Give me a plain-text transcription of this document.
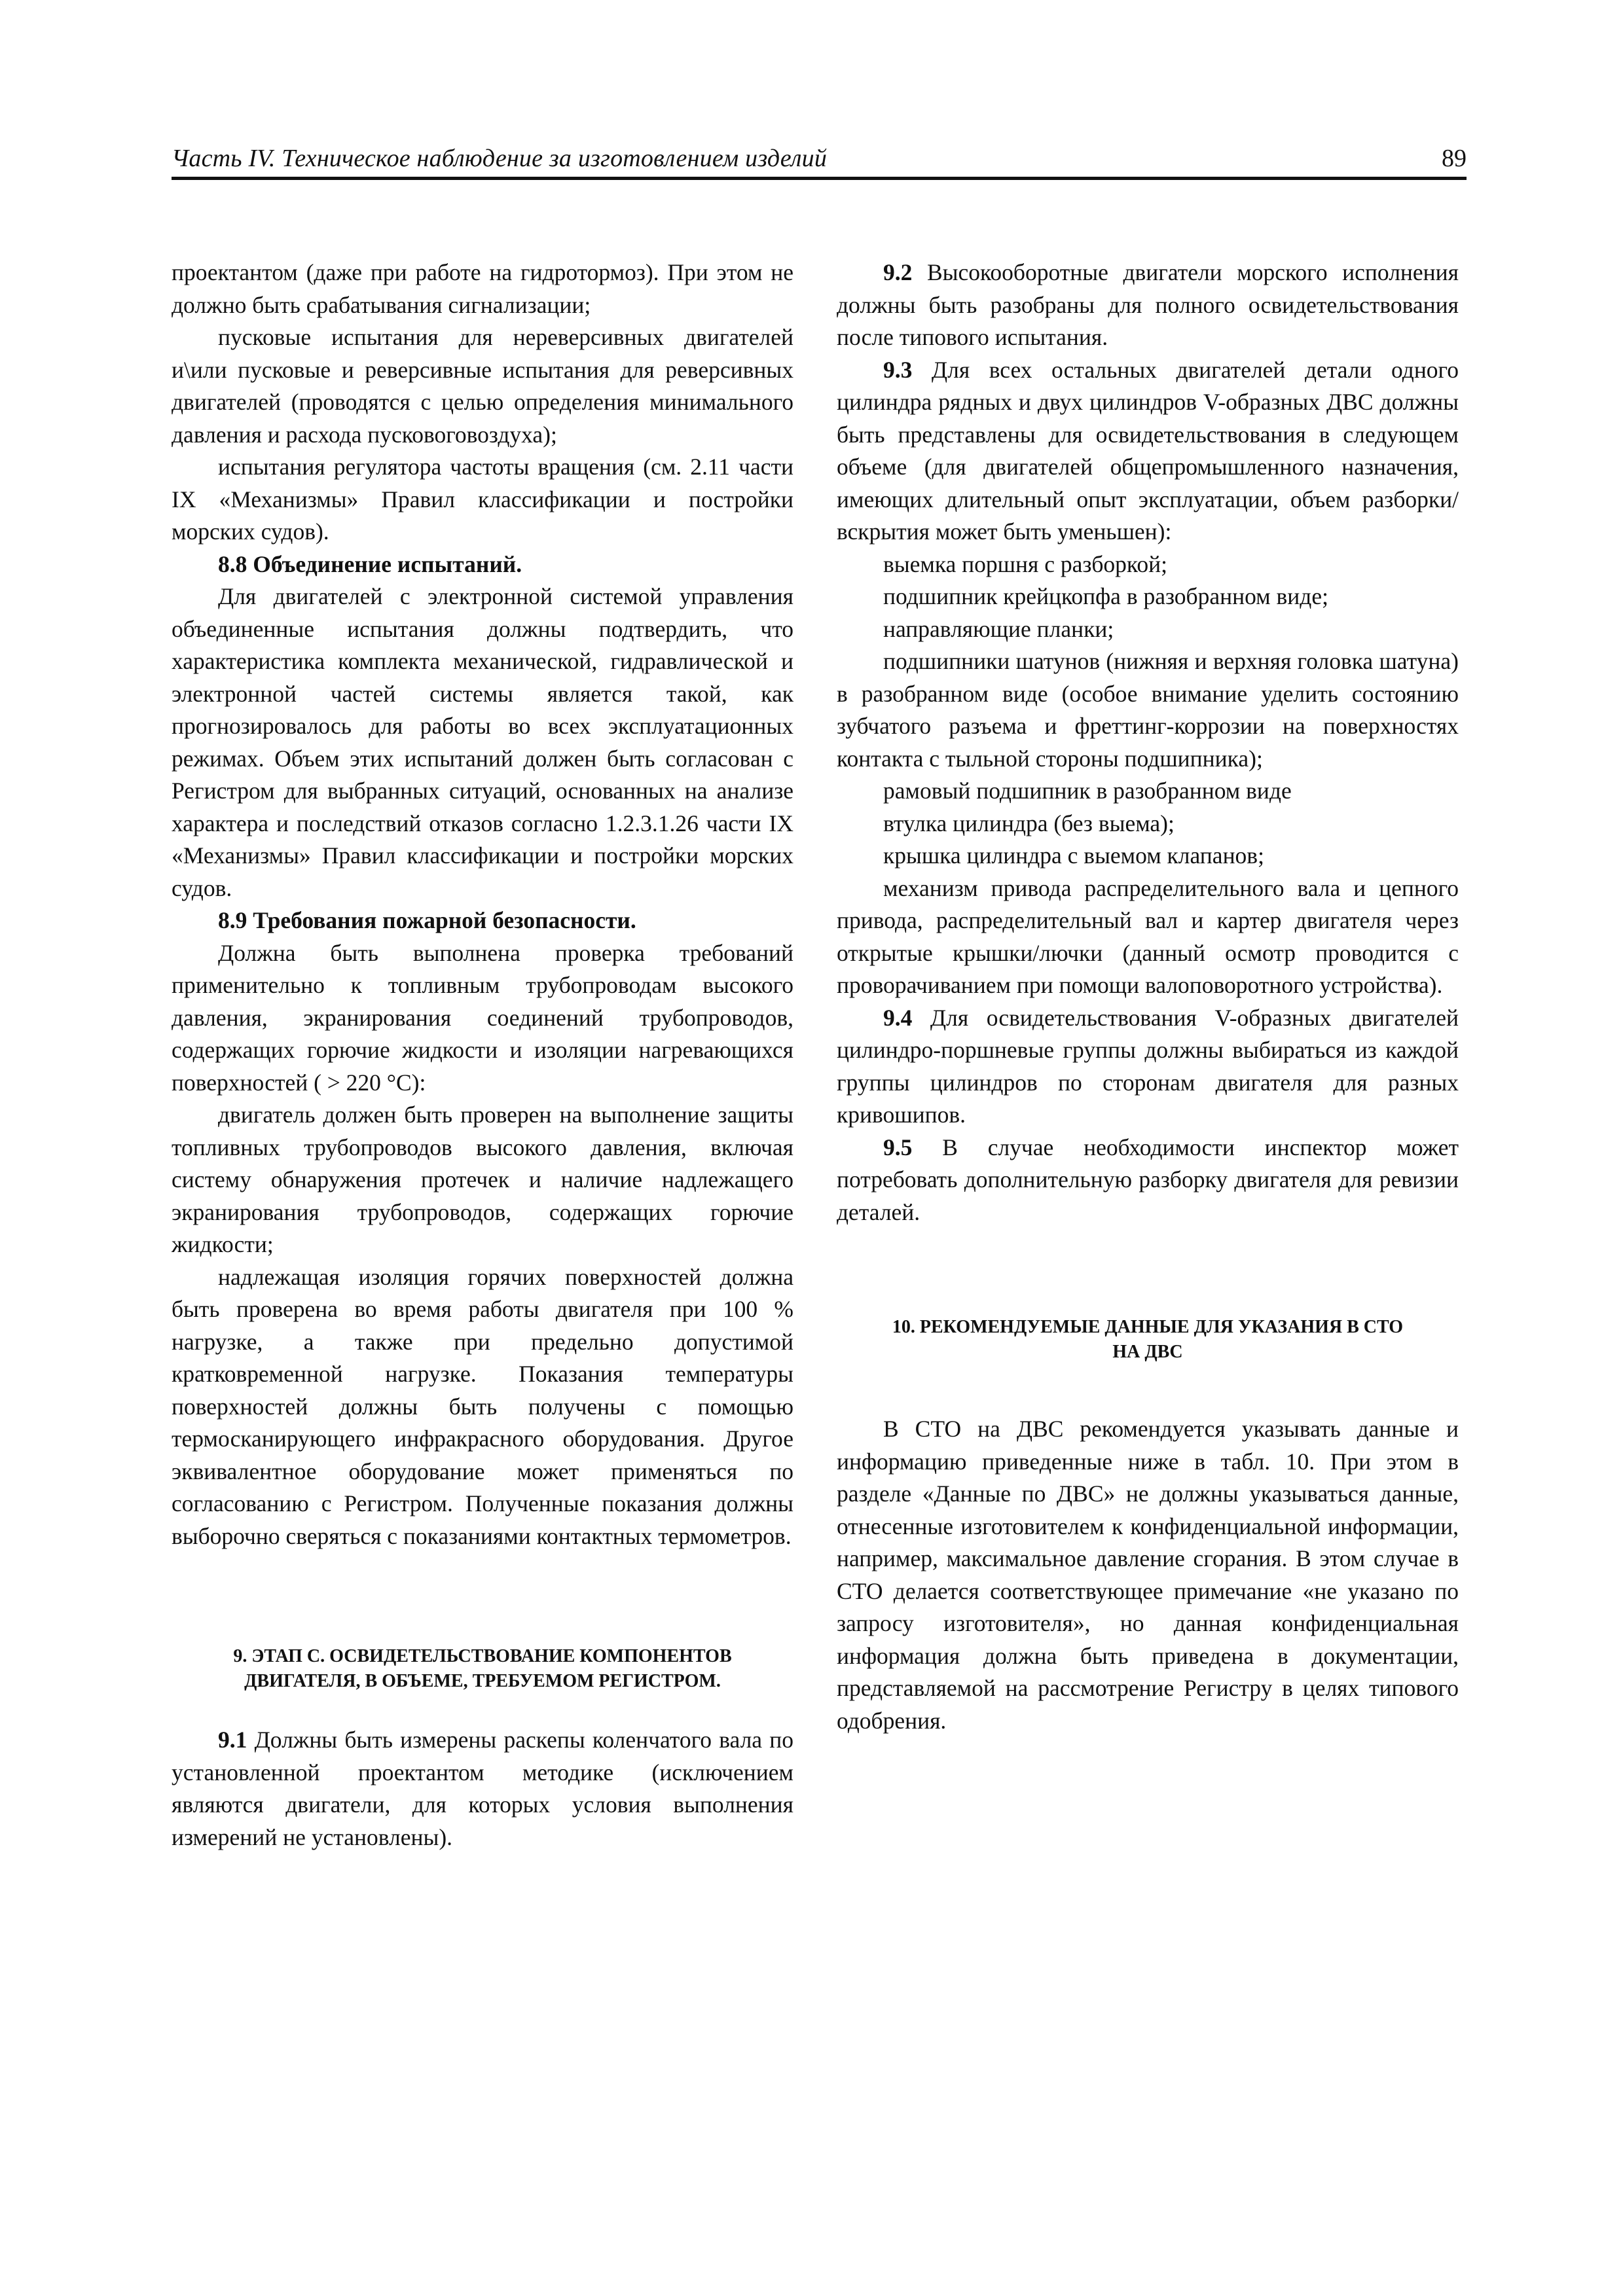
Часть IV. Техническое наблюдение за изготовлением изделий	89

проектантом (даже при работе на гидротормоз). При этом не должно быть срабатывания сигнализации;

пусковые испытания для нереверсивных двигателей и\или пусковые и реверсивные испытания для реверсивных двигателей (проводятся с целью определения минимального давления и расхода пусковоговоздуха);

испытания регулятора частоты вращения (см. 2.11 части IX «Механизмы» Правил классификации и постройки морских судов).

8.8 Объединение испытаний.

Для двигателей с электронной системой управления объединенные испытания должны подтвердить, что характеристика комплекта механической, гидравлической и электронной частей системы является такой, как прогнозировалось для работы во всех эксплуатационных режимах. Объем этих испытаний должен быть согласован с Регистром для выбранных ситуаций, основанных на анализе характера и последствий отказов согласно 1.2.3.1.26 части IX «Механизмы» Правил классификации и постройки морских судов.

8.9 Требования пожарной безопасности.

Должна быть выполнена проверка требований применительно к топливным трубопроводам высокого давления, экранирования соединений трубопроводов, содержащих горючие жидкости и изоляции нагревающихся поверхностей ( > 220 °C):

двигатель должен быть проверен на выполнение защиты топливных трубопроводов высокого давления, включая систему обнаружения протечек и наличие надлежащего экранирования трубопроводов, содержащих горючие жидкости;

надлежащая изоляция горячих поверхностей должна быть проверена во время работы двигателя при 100 % нагрузке, а также при предельно допустимой кратковременной нагрузке. Показания температуры поверхностей должны быть получены с помощью термосканирующего инфракрасного оборудования. Другое эквивалентное оборудование может применяться по согласованию с Регистром. Полученные показания должны выборочно сверяться с показаниями контактных термометров.

9. ЭТАП С. ОСВИДЕТЕЛЬСТВОВАНИЕ КОМПОНЕНТОВ

ДВИГАТЕЛЯ, В ОБЪЕМЕ, ТРЕБУЕМОМ РЕГИСТРОМ.

9.1 Должны быть измерены раскепы коленчатого вала по установленной проектантом методике (исключением являются двигатели, для которых условия выполнения измерений не установлены).

9.2 Высокооборотные двигатели морского исполнения должны быть разобраны для полного освидетельствования после типового испытания.

9.3 Для всех остальных двигателей детали одного цилиндра рядных и двух цилиндров V-образных ДВС должны быть представлены для освидетельствования в следующем объеме (для двигателей общепромышленного назначения, имеющих длительный опыт эксплуатации, объем разборки/вскрытия может быть уменьшен):

выемка поршня с разборкой;

подшипник крейцкопфа в разобранном виде;

направляющие планки;

подшипники шатунов (нижняя и верхняя головка шатуна) в разобранном виде (особое внимание уделить состоянию зубчатого разъема и фреттинг-коррозии на поверхностях контакта с тыльной стороны подшипника);

рамовый подшипник в разобранном виде

втулка цилиндра (без выема);

крышка цилиндра с выемом клапанов;

механизм привода распределительного вала и цепного привода, распределительный вал и картер двигателя через открытые крышки/лючки (данный осмотр проводится с проворачиванием при помощи валоповоротного устройства).

9.4 Для освидетельствования V-образных двигателей цилиндро-поршневые группы должны выбираться из каждой группы цилиндров по сторонам двигателя для разных кривошипов.

9.5 В случае необходимости инспектор может потребовать дополнительную разборку двигателя для ревизии деталей.

10. РЕКОМЕНДУЕМЫЕ ДАННЫЕ ДЛЯ УКАЗАНИЯ В СТО

НА ДВС

В СТО на ДВС рекомендуется указывать данные и информацию приведенные ниже в табл. 10. При этом в разделе «Данные по ДВС» не должны указываться данные, отнесенные изготовителем к конфиденциальной информации, например, максимальное давление сгорания. В этом случае в СТО делается соответствующее примечание «не указано по запросу изготовителя», но данная конфиденциальная информация должна быть приведена в документации, представляемой на рассмотрение Регистру в целях типового одобрения.
